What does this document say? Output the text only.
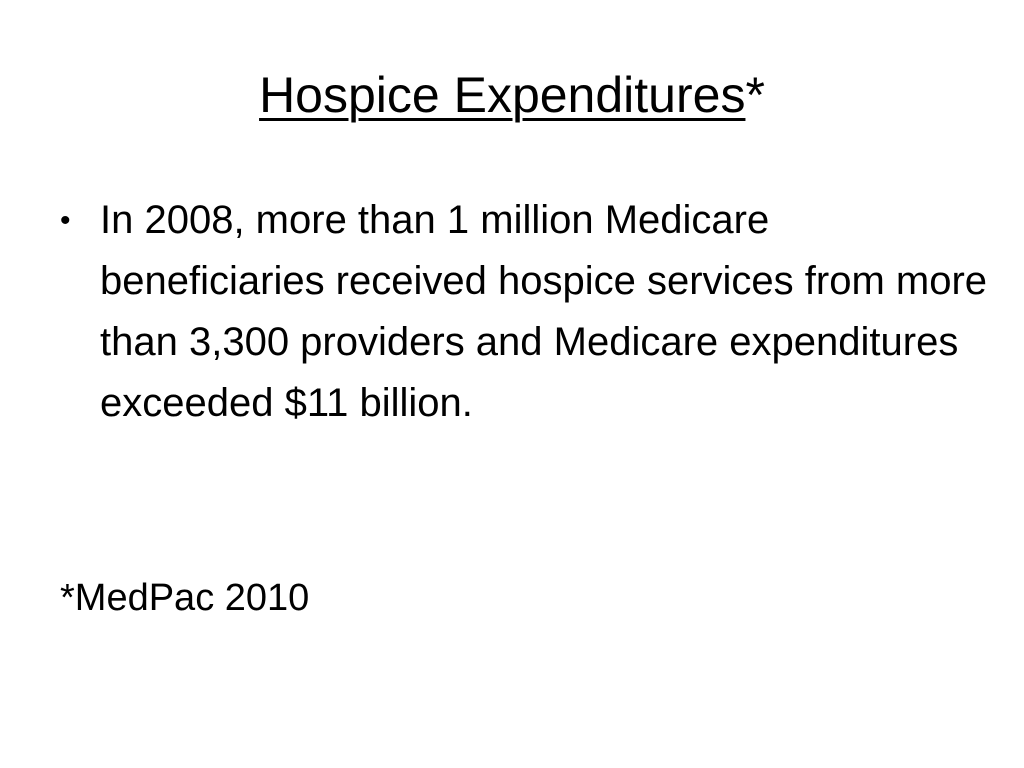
Hospice Expenditures*
• In 2008, more than 1 million Medicare beneficiaries received hospice services from more than 3,300 providers and Medicare expenditures exceeded $11 billion.
*MedPac 2010
